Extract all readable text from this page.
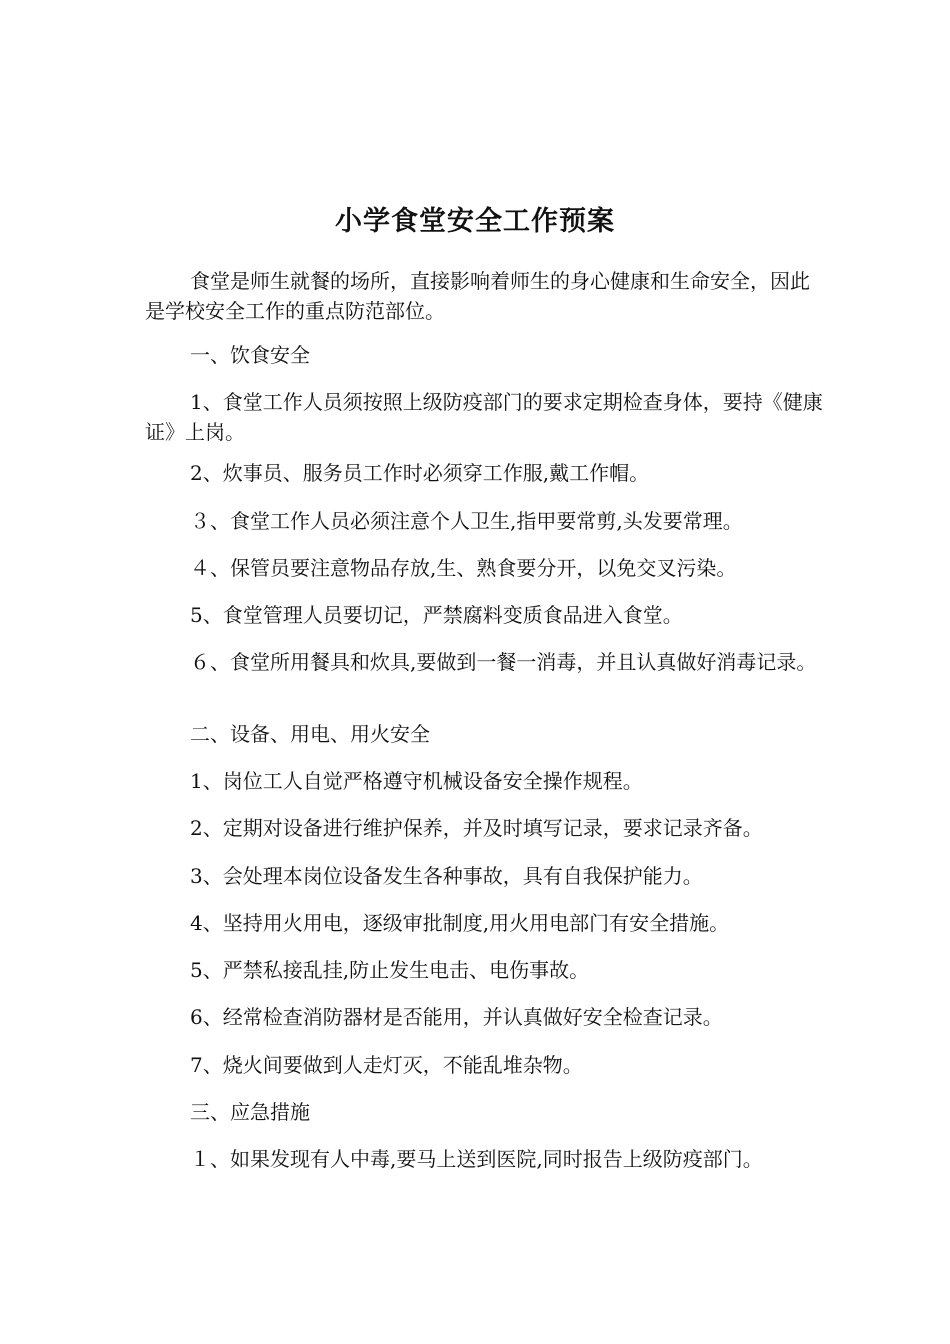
小学食堂安全工作预案

食堂是师生就餐的场所，直接影响着师生的身心健康和生命安全，因此是学校安全工作的重点防范部位。

一、饮食安全

1、食堂工作人员须按照上级防疫部门的要求定期检查身体，要持《健康证》上岗。

2、炊事员、服务员工作时必须穿工作服,戴工作帽。

３、食堂工作人员必须注意个人卫生,指甲要常剪,头发要常理。

４、保管员要注意物品存放,生、熟食要分开，以免交叉污染。

5、食堂管理人员要切记，严禁腐料变质食品进入食堂。

６、食堂所用餐具和炊具,要做到一餐一消毒，并且认真做好消毒记录。

二、设备、用电、用火安全

1、岗位工人自觉严格遵守机械设备安全操作规程。

2、定期对设备进行维护保养，并及时填写记录，要求记录齐备。

3、会处理本岗位设备发生各种事故，具有自我保护能力。

4、坚持用火用电，逐级审批制度,用火用电部门有安全措施。

5、严禁私接乱挂,防止发生电击、电伤事故。

6、经常检查消防器材是否能用，并认真做好安全检查记录。

7、烧火间要做到人走灯灭，不能乱堆杂物。

三、应急措施

１、如果发现有人中毒,要马上送到医院,同时报告上级防疫部门。
